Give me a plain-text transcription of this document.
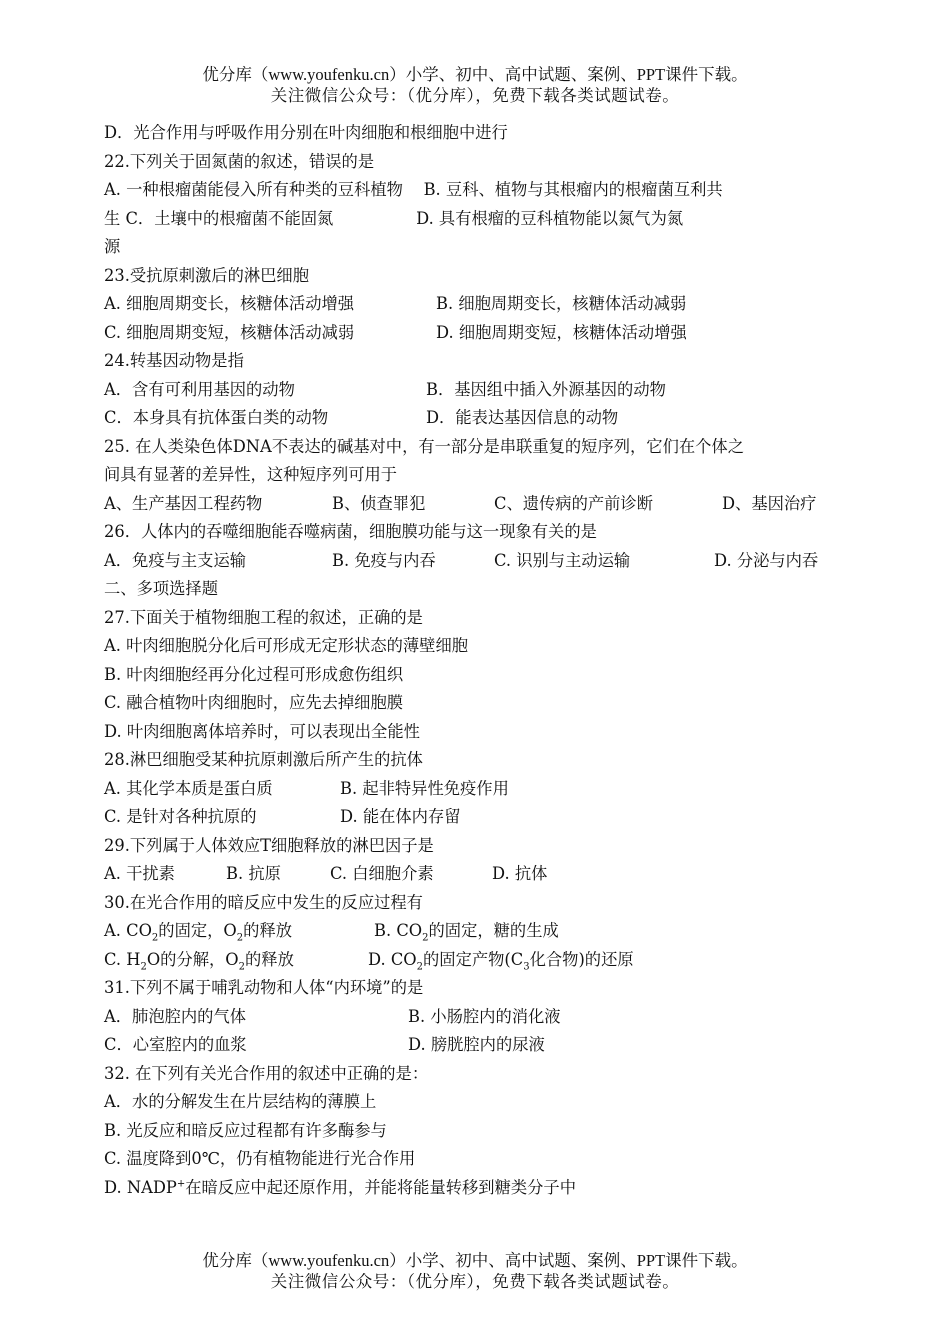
优分库（www.youfenku.cn）小学、初中、高中试题、案例、PPT课件下载。
关注微信公众号：（优分库），免费下载各类试题试卷。
D．光合作用与呼吸作用分别在叶肉细胞和根细胞中进行
22.下列关于固氮菌的叙述，错误的是
A. 一种根瘤菌能侵入所有种类的豆科植物    B. 豆科、植物与其根瘤内的根瘤菌互利共
生 C．土壤中的根瘤菌不能固氮                D. 具有根瘤的豆科植物能以氮气为氮
源
23.受抗原刺激后的淋巴细胞
A. 细胞周期变长，核糖体活动增强	B. 细胞周期变长，核糖体活动减弱
C. 细胞周期变短，核糖体活动减弱	D. 细胞周期变短，核糖体活动增强
24.转基因动物是指
A．含有可利用基因的动物	B．基因组中插入外源基因的动物
C．本身具有抗体蛋白类的动物	D．能表达基因信息的动物
25. 在人类染色体DNA不表达的碱基对中，有一部分是串联重复的短序列，它们在个体之
间具有显著的差异性，这种短序列可用于
A、生产基因工程药物	B、侦查罪犯	C、遗传病的产前诊断	D、基因治疗
26．人体内的吞噬细胞能吞噬病菌，细胞膜功能与这一现象有关的是
A．免疫与主支运输	B. 免疫与内吞	C. 识别与主动运输	D. 分泌与内吞
二、多项选择题
27.下面关于植物细胞工程的叙述，正确的是
A. 叶肉细胞脱分化后可形成无定形状态的薄壁细胞
B. 叶肉细胞经再分化过程可形成愈伤组织
C. 融合植物叶肉细胞时，应先去掉细胞膜
D. 叶肉细胞离体培养时，可以表现出全能性
28.淋巴细胞受某种抗原刺激后所产生的抗体
A. 其化学本质是蛋白质	B. 起非特异性免疫作用
C. 是针对各种抗原的	D. 能在体内存留
29.下列属于人体效应T细胞释放的淋巴因子是
A. 干扰素	B. 抗原	C. 白细胞介素	D. 抗体
30.在光合作用的暗反应中发生的反应过程有
A. $CO_2$的固定，$O_2$的释放	B. $CO_2$的固定，糖的生成
C. $H_2O$的分解，$O_2$的释放	D. $CO_2$的固定产物($C_3$化合物)的还原
31.下列不属于哺乳动物和人体“内环境”的是
A．肺泡腔内的气体	B. 小肠腔内的消化液
C．心室腔内的血浆	D. 膀胱腔内的尿液
32. 在下列有关光合作用的叙述中正确的是：
A．水的分解发生在片层结构的薄膜上
B. 光反应和暗反应过程都有许多酶参与
C. 温度降到0℃，仍有植物能进行光合作用
D. NADP+在暗反应中起还原作用，并能将能量转移到糖类分子中
优分库（www.youfenku.cn）小学、初中、高中试题、案例、PPT课件下载。
关注微信公众号：（优分库），免费下载各类试题试卷。
